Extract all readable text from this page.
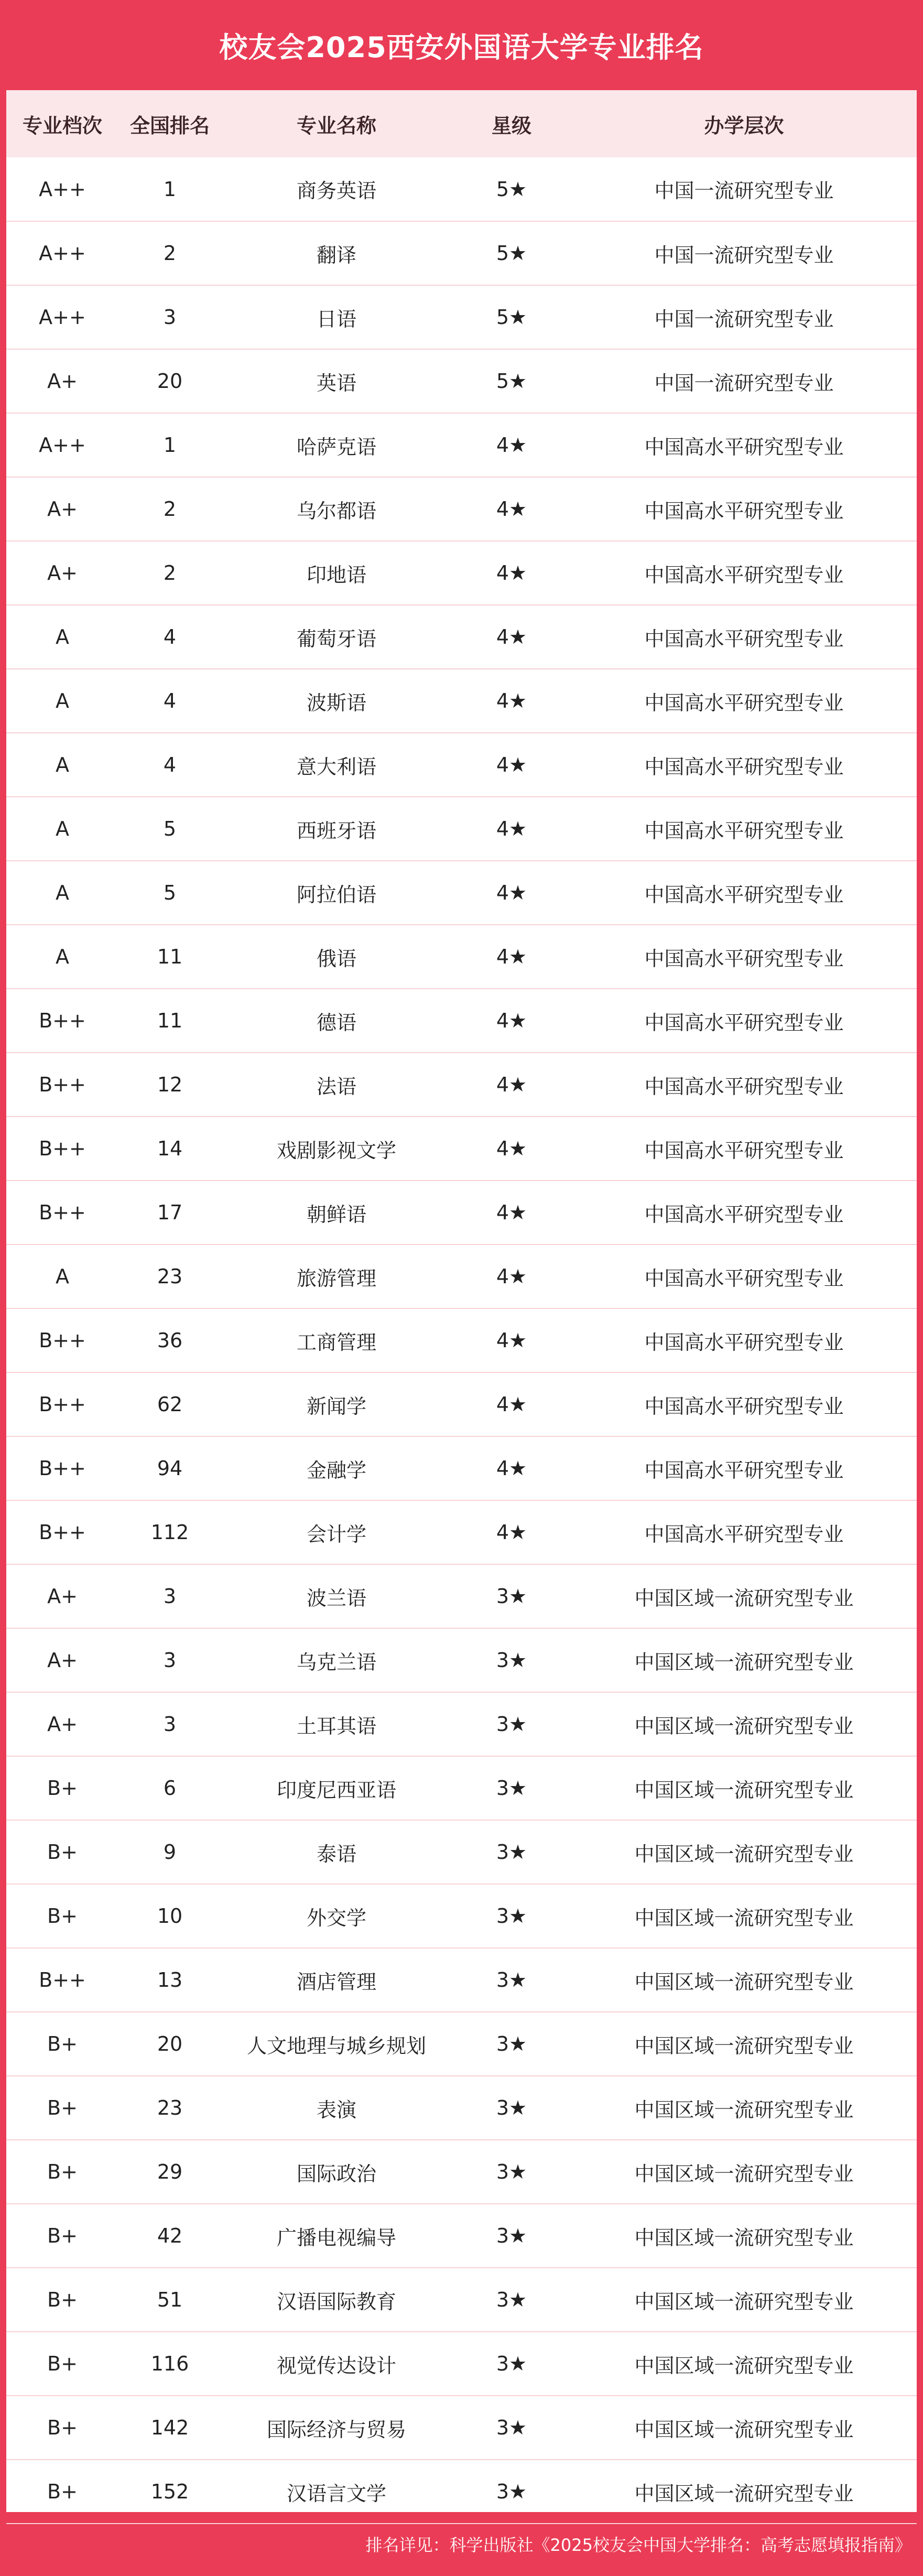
校友会2025西安外国语大学专业排名
专业档次	全国排名	专业名称	星级	办学层次
A++	1	商务英语	5★	中国一流研究型专业
A++	2	翻译	5★	中国一流研究型专业
A++	3	日语	5★	中国一流研究型专业
A+	20	英语	5★	中国一流研究型专业
A++	1	哈萨克语	4★	中国高水平研究型专业
A+	2	乌尔都语	4★	中国高水平研究型专业
A+	2	印地语	4★	中国高水平研究型专业
A	4	葡萄牙语	4★	中国高水平研究型专业
A	4	波斯语	4★	中国高水平研究型专业
A	4	意大利语	4★	中国高水平研究型专业
A	5	西班牙语	4★	中国高水平研究型专业
A	5	阿拉伯语	4★	中国高水平研究型专业
A	11	俄语	4★	中国高水平研究型专业
B++	11	德语	4★	中国高水平研究型专业
B++	12	法语	4★	中国高水平研究型专业
B++	14	戏剧影视文学	4★	中国高水平研究型专业
B++	17	朝鲜语	4★	中国高水平研究型专业
A	23	旅游管理	4★	中国高水平研究型专业
B++	36	工商管理	4★	中国高水平研究型专业
B++	62	新闻学	4★	中国高水平研究型专业
B++	94	金融学	4★	中国高水平研究型专业
B++	112	会计学	4★	中国高水平研究型专业
A+	3	波兰语	3★	中国区域一流研究型专业
A+	3	乌克兰语	3★	中国区域一流研究型专业
A+	3	土耳其语	3★	中国区域一流研究型专业
B+	6	印度尼西亚语	3★	中国区域一流研究型专业
B+	9	泰语	3★	中国区域一流研究型专业
B+	10	外交学	3★	中国区域一流研究型专业
B++	13	酒店管理	3★	中国区域一流研究型专业
B+	20	人文地理与城乡规划	3★	中国区域一流研究型专业
B+	23	表演	3★	中国区域一流研究型专业
B+	29	国际政治	3★	中国区域一流研究型专业
B+	42	广播电视编导	3★	中国区域一流研究型专业
B+	51	汉语国际教育	3★	中国区域一流研究型专业
B+	116	视觉传达设计	3★	中国区域一流研究型专业
B+	142	国际经济与贸易	3★	中国区域一流研究型专业
B+	152	汉语言文学	3★	中国区域一流研究型专业
排名详见：科学出版社《2025校友会中国大学排名：高考志愿填报指南》
